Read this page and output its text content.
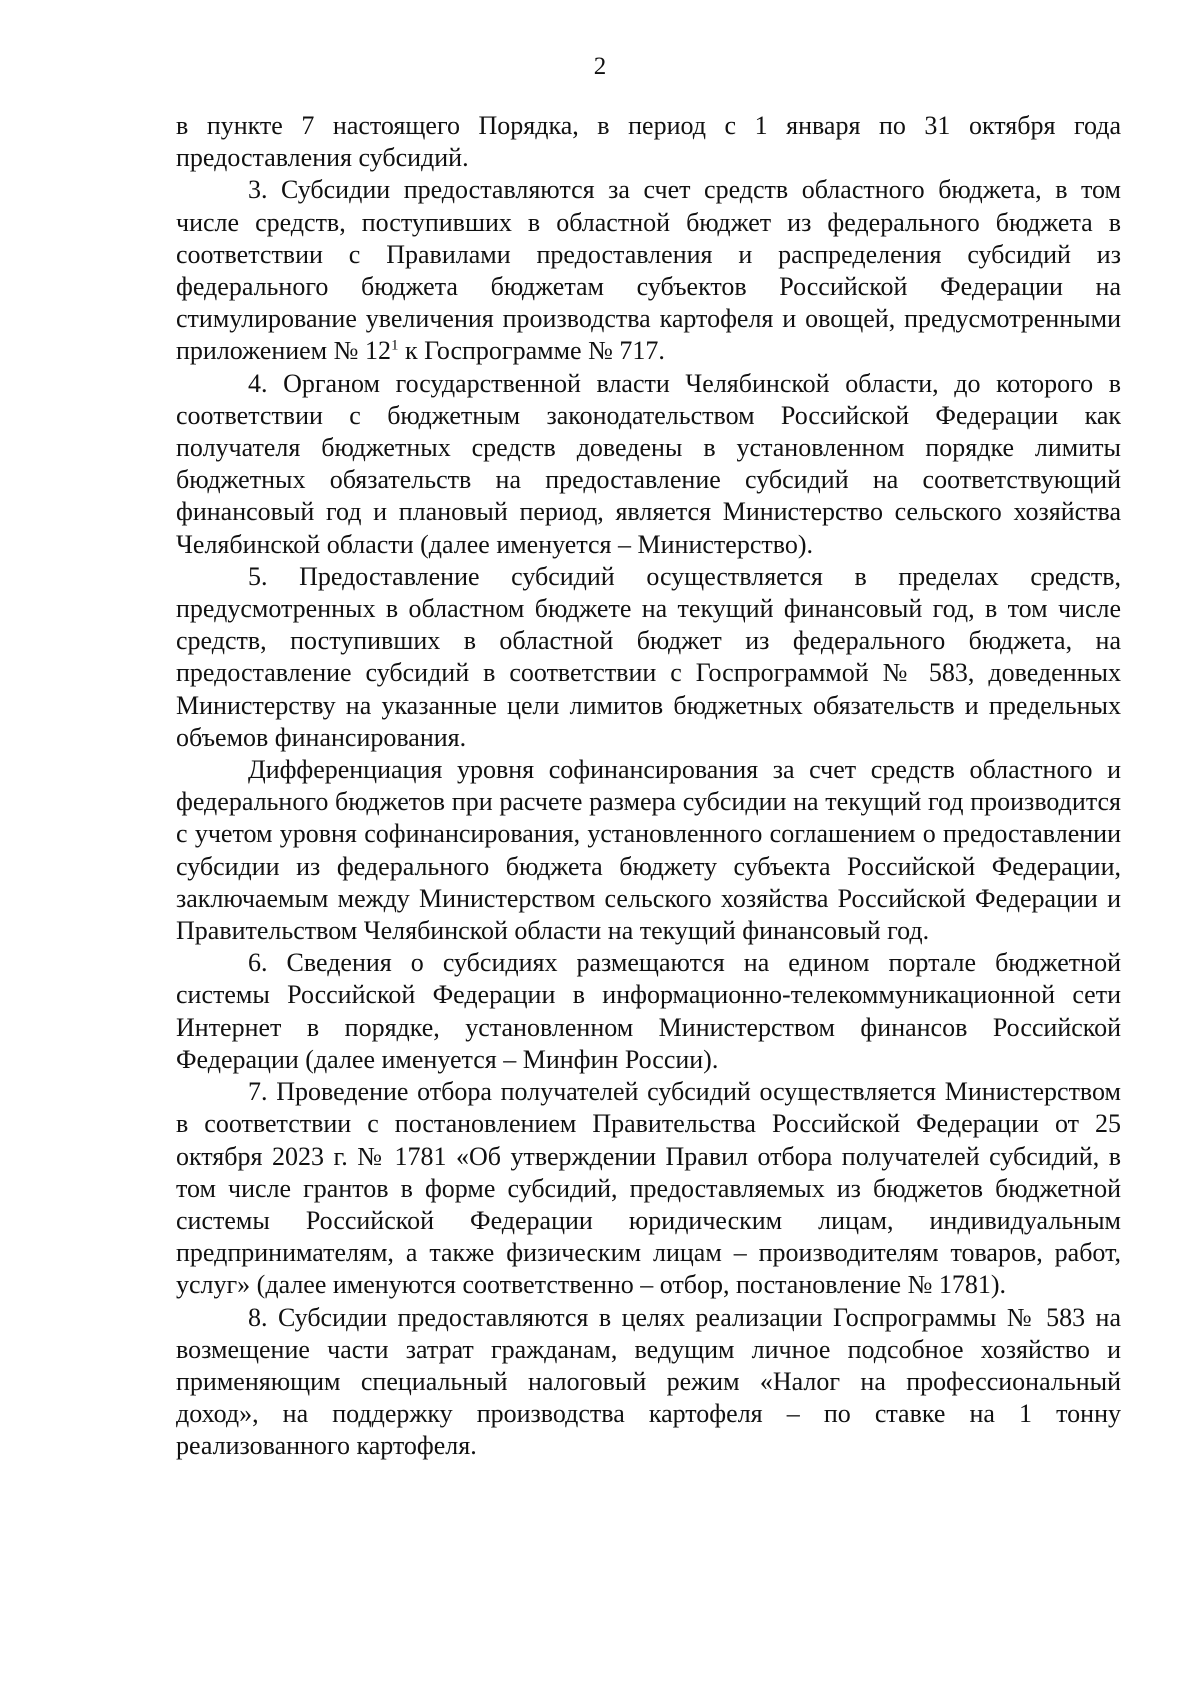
2

в пункте 7 настоящего Порядка, в период с 1 января по 31 октября года предоставления субсидий.

3. Субсидии предоставляются за счет средств областного бюджета, в том числе средств, поступивших в областной бюджет из федерального бюджета в соответствии с Правилами предоставления и распределения субсидий из федерального бюджета бюджетам субъектов Российской Федерации на стимулирование увеличения производства картофеля и овощей, предусмотренными приложением № $12^1$ к Госпрограмме № 717.

4. Органом государственной власти Челябинской области, до которого в соответствии с бюджетным законодательством Российской Федерации как получателя бюджетных средств доведены в установленном порядке лимиты бюджетных обязательств на предоставление субсидий на соответствующий финансовый год и плановый период, является Министерство сельского хозяйства Челябинской области (далее именуется – Министерство).

5. Предоставление субсидий осуществляется в пределах средств, предусмотренных в областном бюджете на текущий финансовый год, в том числе средств, поступивших в областной бюджет из федерального бюджета, на предоставление субсидий в соответствии с Госпрограммой № 583, доведенных Министерству на указанные цели лимитов бюджетных обязательств и предельных объемов финансирования.

Дифференциация уровня софинансирования за счет средств областного и федерального бюджетов при расчете размера субсидии на текущий год производится с учетом уровня софинансирования, установленного соглашением о предоставлении субсидии из федерального бюджета бюджету субъекта Российской Федерации, заключаемым между Министерством сельского хозяйства Российской Федерации и Правительством Челябинской области на текущий финансовый год.

6. Сведения о субсидиях размещаются на едином портале бюджетной системы Российской Федерации в информационно-телекоммуникационной сети Интернет в порядке, установленном Министерством финансов Российской Федерации (далее именуется – Минфин России).

7. Проведение отбора получателей субсидий осуществляется Министерством в соответствии с постановлением Правительства Российской Федерации от 25 октября 2023 г. № 1781 «Об утверждении Правил отбора получателей субсидий, в том числе грантов в форме субсидий, предоставляемых из бюджетов бюджетной системы Российской Федерации юридическим лицам, индивидуальным предпринимателям, а также физическим лицам – производителям товаров, работ, услуг» (далее именуются соответственно – отбор, постановление № 1781).

8. Субсидии предоставляются в целях реализации Госпрограммы № 583 на возмещение части затрат гражданам, ведущим личное подсобное хозяйство и применяющим специальный налоговый режим «Налог на профессиональный доход», на поддержку производства картофеля – по ставке на 1 тонну реализованного картофеля.
